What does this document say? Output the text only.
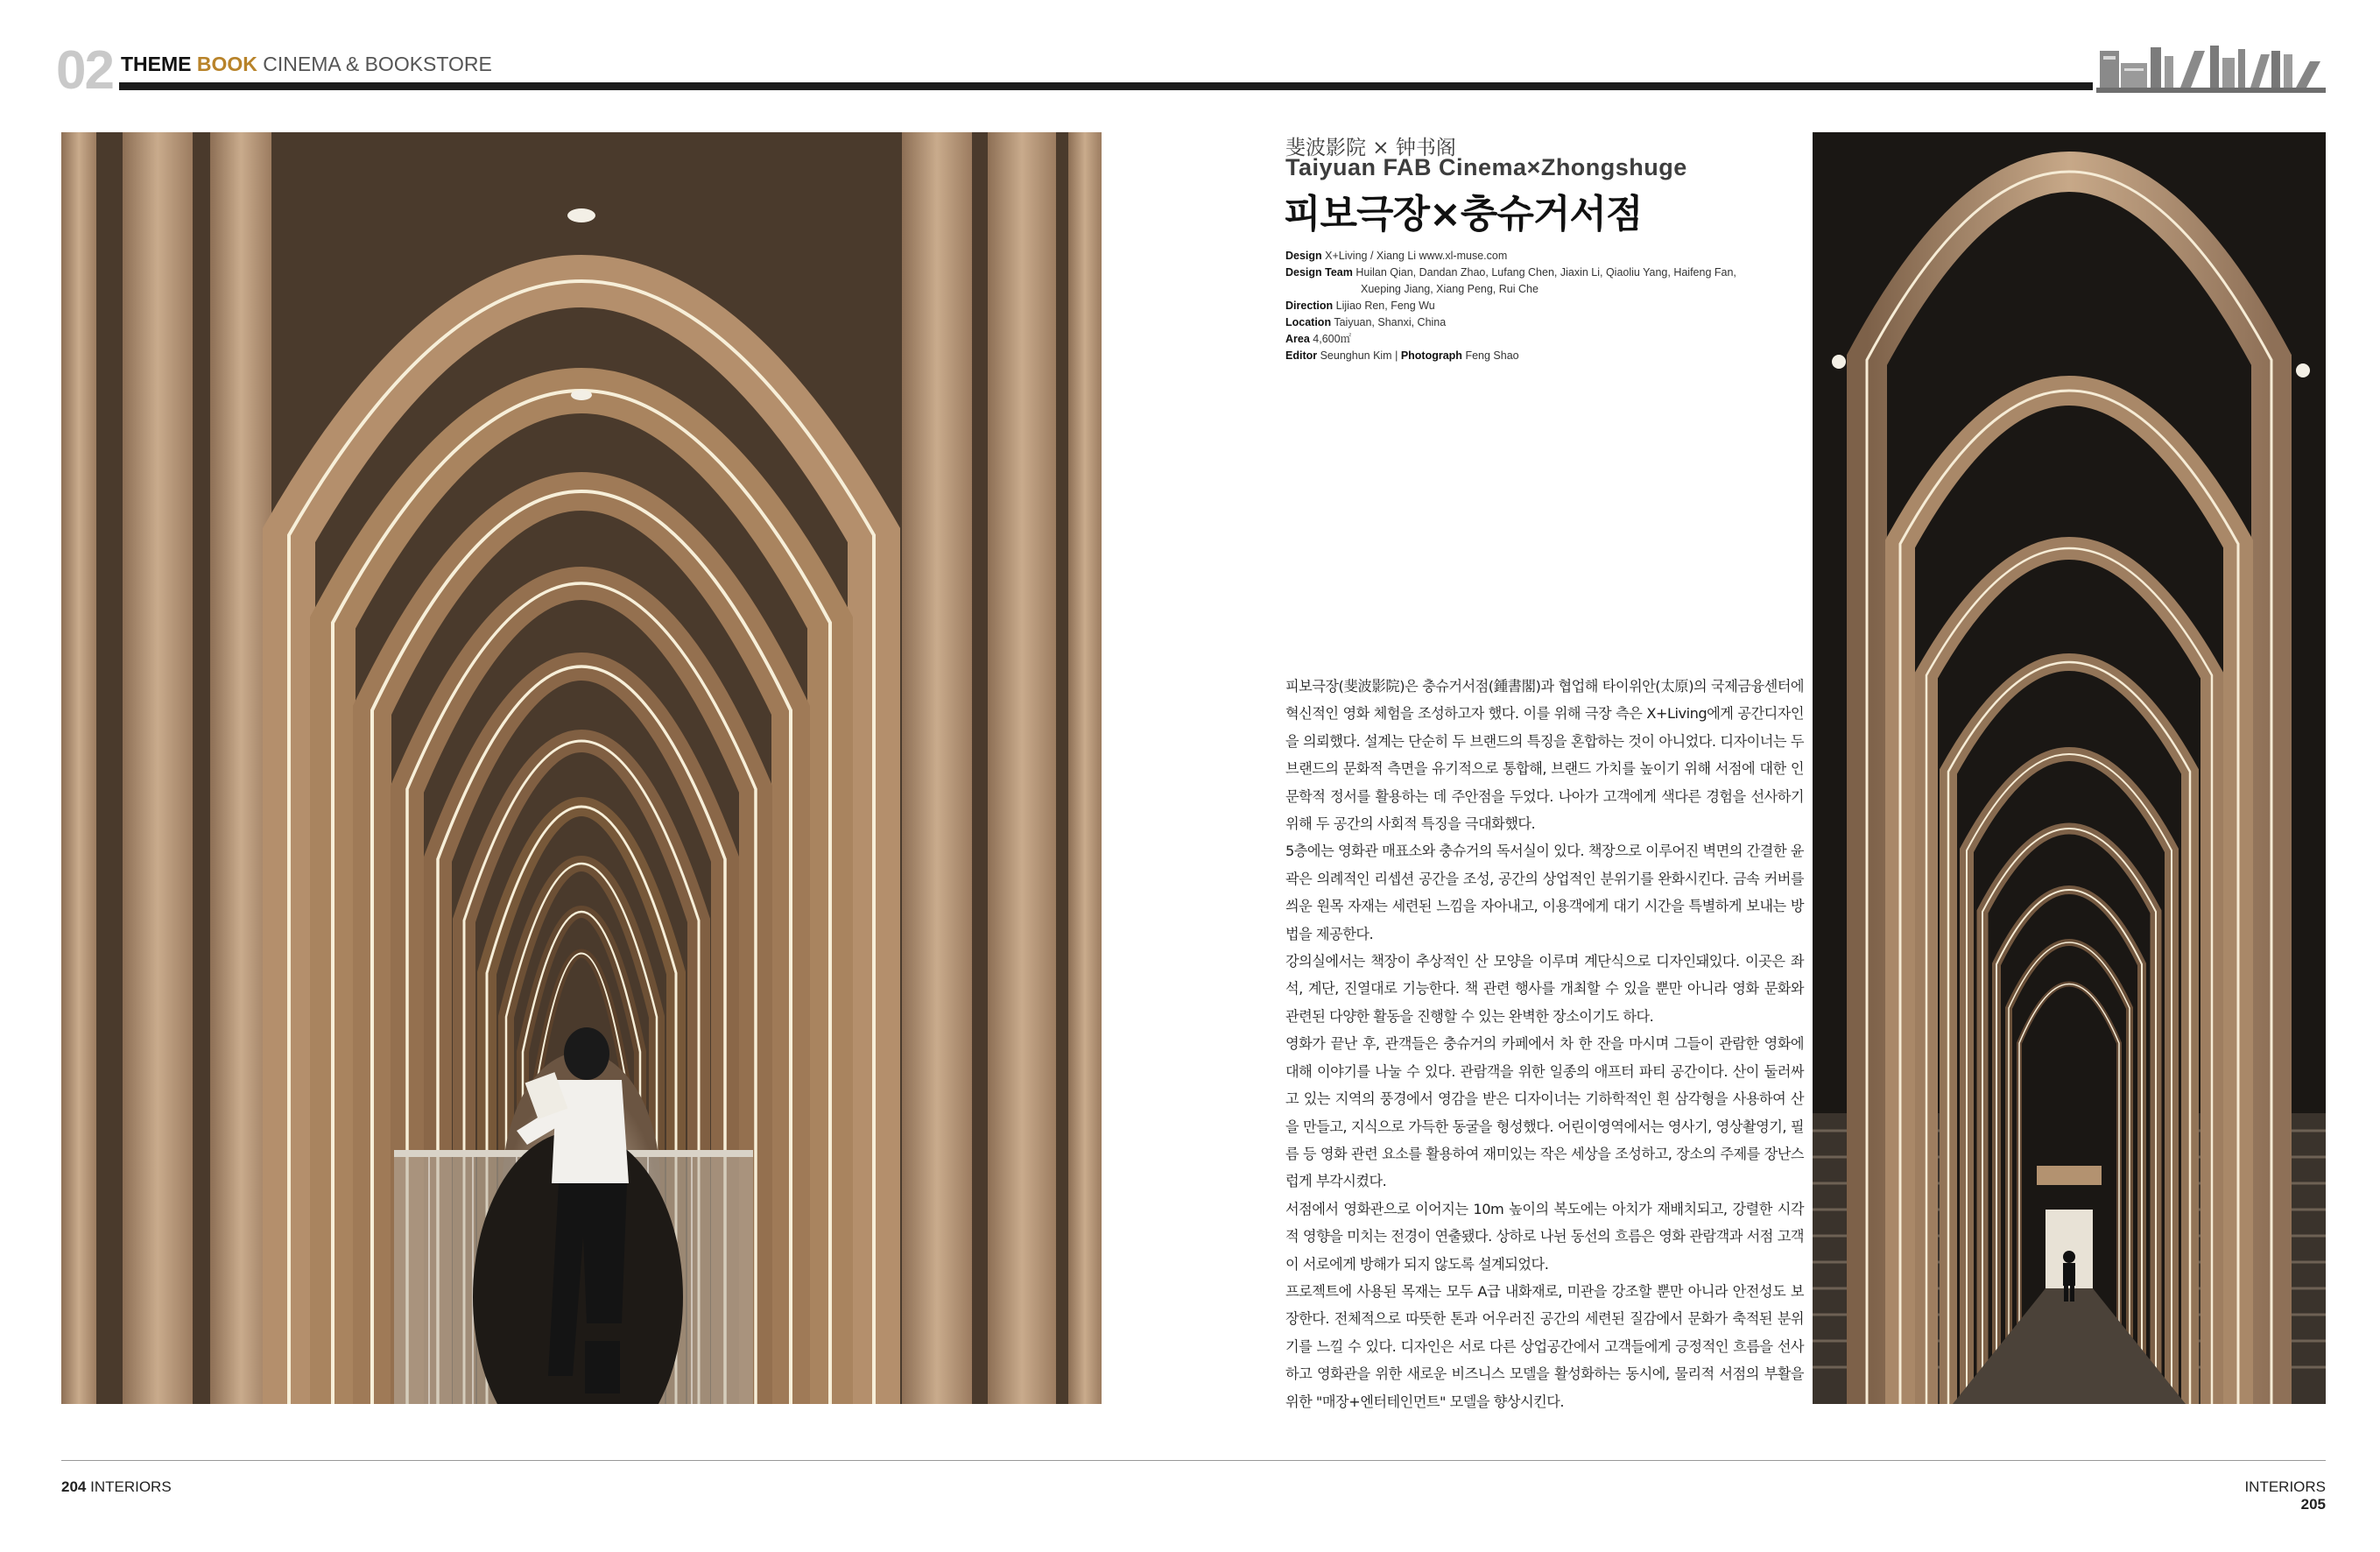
02 THEME BOOK CINEMA & BOOKSTORE
斐波影院 × 钟书阁
Taiyuan FAB Cinema×Zhongshuge
피보극장×충슈거서점
Design X+Living / Xiang Li www.xl-muse.com
Design Team Huilan Qian, Dandan Zhao, Lufang Chen, Jiaxin Li, Qiaoliu Yang, Haifeng Fan,
Xueping Jiang, Xiang Peng, Rui Che
Direction Lijiao Ren, Feng Wu
Location Taiyuan, Shanxi, China
Area 4,600㎡
Editor Seunghun Kim | Photograph Feng Shao

피보극장(斐波影院)은 충슈거서점(鍾書閣)과 협업해 타이위안(太原)의 국제금융센터에 혁신적인 영화 체험을 조성하고자 했다. 이를 위해 극장 측은 X+Living에게 공간디자인을 의뢰했다. 설계는 단순히 두 브랜드의 특징을 혼합하는 것이 아니었다. 디자이너는 두 브랜드의 문화적 측면을 유기적으로 통합해, 브랜드 가치를 높이기 위해 서점에 대한 인문학적 정서를 활용하는 데 주안점을 두었다. 나아가 고객에게 색다른 경험을 선사하기 위해 두 공간의 사회적 특징을 극대화했다.

5층에는 영화관 매표소와 충슈거의 독서실이 있다. 책장으로 이루어진 벽면의 간결한 윤곽은 의례적인 리셉션 공간을 조성, 공간의 상업적인 분위기를 완화시킨다. 금속 커버를 씌운 원목 자재는 세련된 느낌을 자아내고, 이용객에게 대기 시간을 특별하게 보내는 방법을 제공한다.

강의실에서는 책장이 추상적인 산 모양을 이루며 계단식으로 디자인돼있다. 이곳은 좌석, 계단, 진열대로 기능한다. 책 관련 행사를 개최할 수 있을 뿐만 아니라 영화 문화와 관련된 다양한 활동을 진행할 수 있는 완벽한 장소이기도 하다.

영화가 끝난 후, 관객들은 충슈거의 카페에서 차 한 잔을 마시며 그들이 관람한 영화에 대해 이야기를 나눌 수 있다. 관람객을 위한 일종의 애프터 파티 공간이다. 산이 둘러싸고 있는 지역의 풍경에서 영감을 받은 디자이너는 기하학적인 흰 삼각형을 사용하여 산을 만들고, 지식으로 가득한 동굴을 형성했다. 어린이영역에서는 영사기, 영상촬영기, 필름 등 영화 관련 요소를 활용하여 재미있는 작은 세상을 조성하고, 장소의 주제를 장난스럽게 부각시켰다.

서점에서 영화관으로 이어지는 10m 높이의 복도에는 아치가 재배치되고, 강렬한 시각적 영향을 미치는 전경이 연출됐다. 상하로 나뉜 동선의 흐름은 영화 관람객과 서점 고객이 서로에게 방해가 되지 않도록 설계되었다.

프로젝트에 사용된 목재는 모두 A급 내화재로, 미관을 강조할 뿐만 아니라 안전성도 보장한다. 전체적으로 따뜻한 톤과 어우러진 공간의 세련된 질감에서 문화가 축적된 분위기를 느낄 수 있다. 디자인은 서로 다른 상업공간에서 고객들에게 긍정적인 흐름을 선사하고 영화관을 위한 새로운 비즈니스 모델을 활성화하는 동시에, 물리적 서점의 부활을 위한 "매장+엔터테인먼트" 모델을 향상시킨다.

204 INTERIORS	INTERIORS 205
